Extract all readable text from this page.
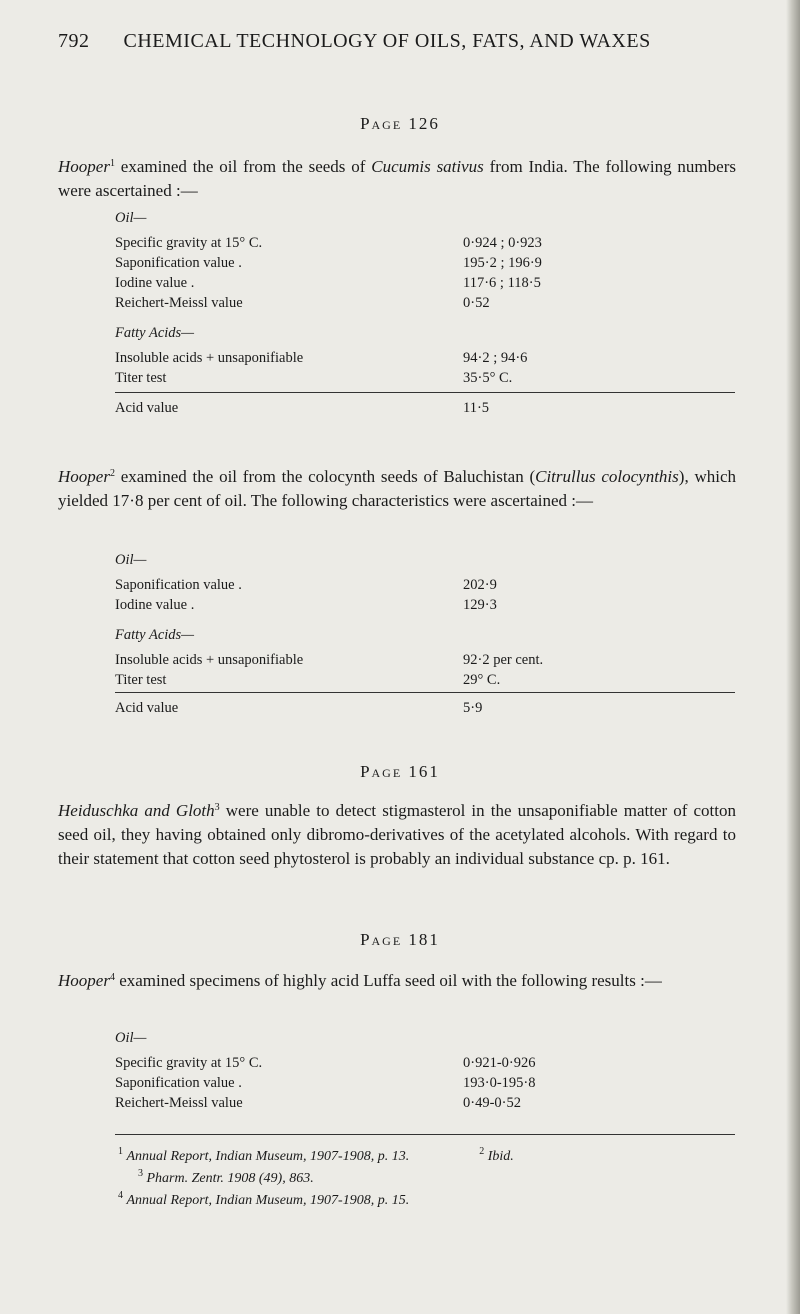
792 CHEMICAL TECHNOLOGY OF OILS, FATS, AND WAXES
Page 126
Hooper$^1$ examined the oil from the seeds of Cucumis sativus from India. The following numbers were ascertained :—
Oil—
Specific gravity at 15° C.	0·924 ; 0·923
Saponification value .	195·2 ; 196·9
Iodine value .	117·6 ; 118·5
Reichert-Meissl value	0·52
Fatty Acids—
Insoluble acids + unsaponifiable	94·2 ; 94·6
Titer test	35·5° C.
Acid value	11·5
Hooper$^2$ examined the oil from the colocynth seeds of Baluchistan (Citrullus colocynthis), which yielded 17·8 per cent of oil. The following characteristics were ascertained :—
Oil—
Saponification value .	202·9
Iodine value .	129·3
Fatty Acids—
Insoluble acids + unsaponifiable	92·2 per cent.
Titer test	29° C.
Acid value	5·9
Page 161
Heiduschka and Gloth$^3$ were unable to detect stigmasterol in the unsaponifiable matter of cotton seed oil, they having obtained only dibromo-derivatives of the acetylated alcohols. With regard to their statement that cotton seed phytosterol is probably an individual substance cp. p. 161.
Page 181
Hooper$^4$ examined specimens of highly acid Luffa seed oil with the following results :—
Oil—
Specific gravity at 15° C.	0·921-0·926
Saponification value .	193·0-195·8
Reichert-Meissl value	0·49-0·52
$^1$ Annual Report, Indian Museum, 1907-1908, p. 13.	$^2$ Ibid.
$^3$ Pharm. Zentr. 1908 (49), 863.
$^4$ Annual Report, Indian Museum, 1907-1908, p. 15.
